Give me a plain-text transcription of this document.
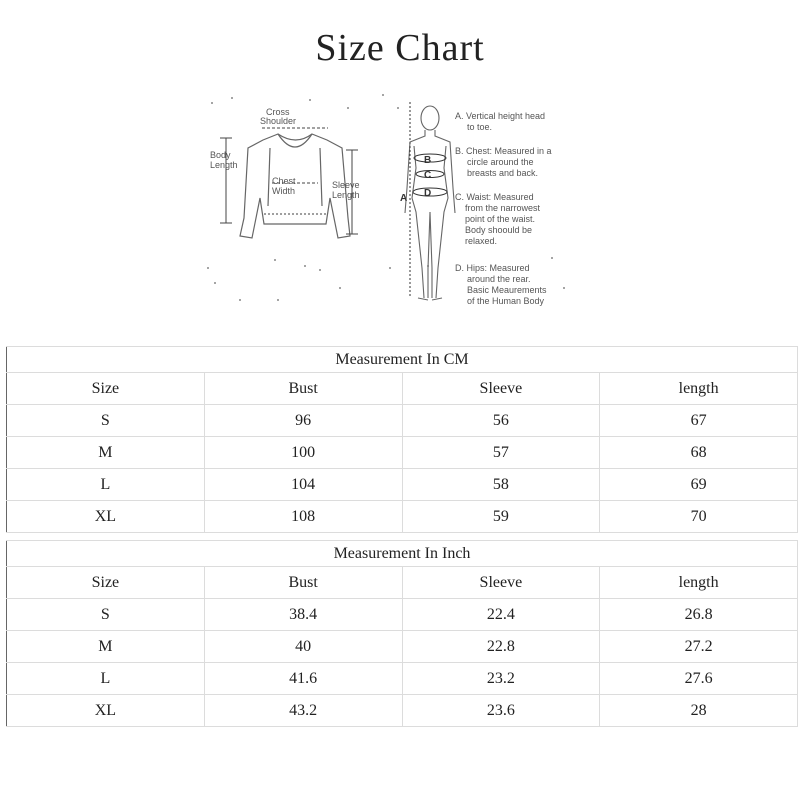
Size Chart
Cross
Shoulder
Body
Length
Chest
Width
Sleeve
Length	A
B
C
D
A. Vertical height head
to toe.
B. Chest: Measured in a
circle around the
breasts and back.
C. Waist: Measured
from the narrowest
point of the waist.
Body shoould be
relaxed.
D. Hips: Measured
around the rear.
Basic Meaurements
of the Human Body
Measurement In CM			
Size	Bust	Sleeve	length
S	96	56	67
M	100	57	68
L	104	58	69
XL	108	59	70
Measurement In Inch			
Size	Bust	Sleeve	length
S	38.4	22.4	26.8
M	40	22.8	27.2
L	41.6	23.2	27.6
XL	43.2	23.6	28
